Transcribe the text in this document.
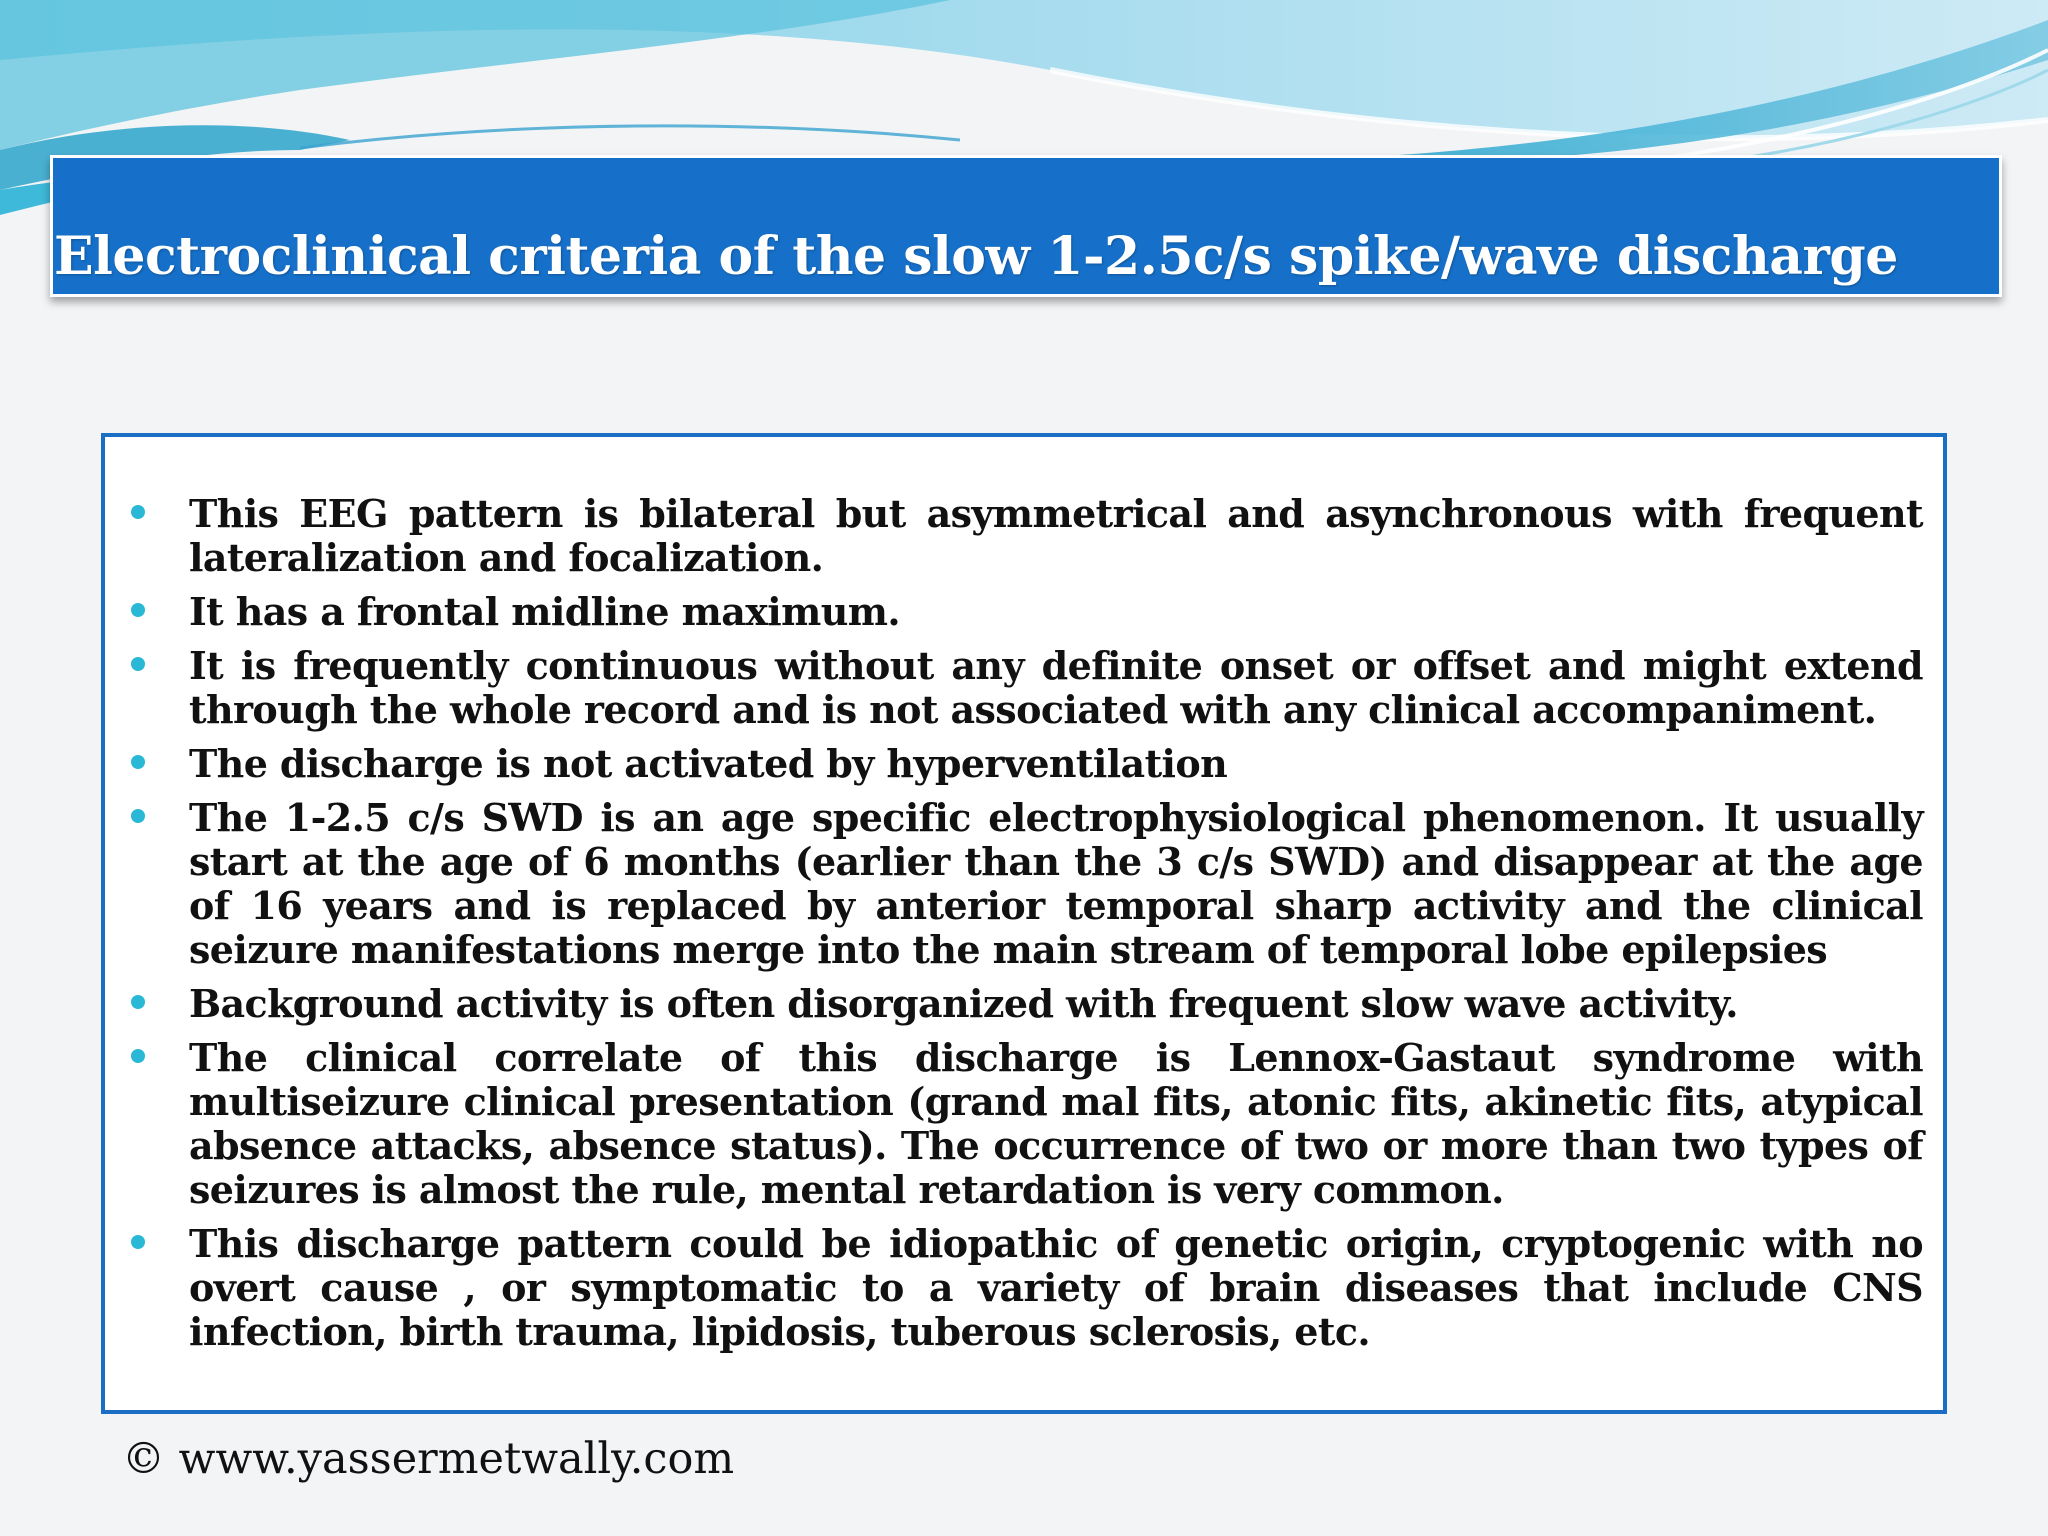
Electroclinical criteria of the slow 1-2.5c/s spike/wave discharge
This EEG pattern is bilateral but asymmetrical and asynchronous with frequent lateralization and focalization.
It has a frontal midline maximum.
It is frequently continuous without any definite onset or offset and might extend through the whole record and is not associated with any clinical accompaniment.
The discharge is not activated by hyperventilation
The 1-2.5 c/s SWD is an age specific electrophysiological phenomenon. It usually start at the age of 6 months (earlier than the 3 c/s SWD) and disappear at the age of 16 years and is replaced by anterior temporal sharp activity and the clinical seizure manifestations merge into the main stream of temporal lobe epilepsies
Background activity is often disorganized with frequent slow wave activity.
The clinical correlate of this discharge is Lennox-Gastaut syndrome with multiseizure clinical presentation (grand mal fits, atonic fits, akinetic fits, atypical absence attacks, absence status). The occurrence of two or more than two types of seizures is almost the rule, mental retardation is very common.
This discharge pattern could be idiopathic of genetic origin, cryptogenic with no overt cause , or symptomatic to a variety of brain diseases that include CNS infection, birth trauma, lipidosis, tuberous sclerosis, etc.
© www.yassermetwally.com
